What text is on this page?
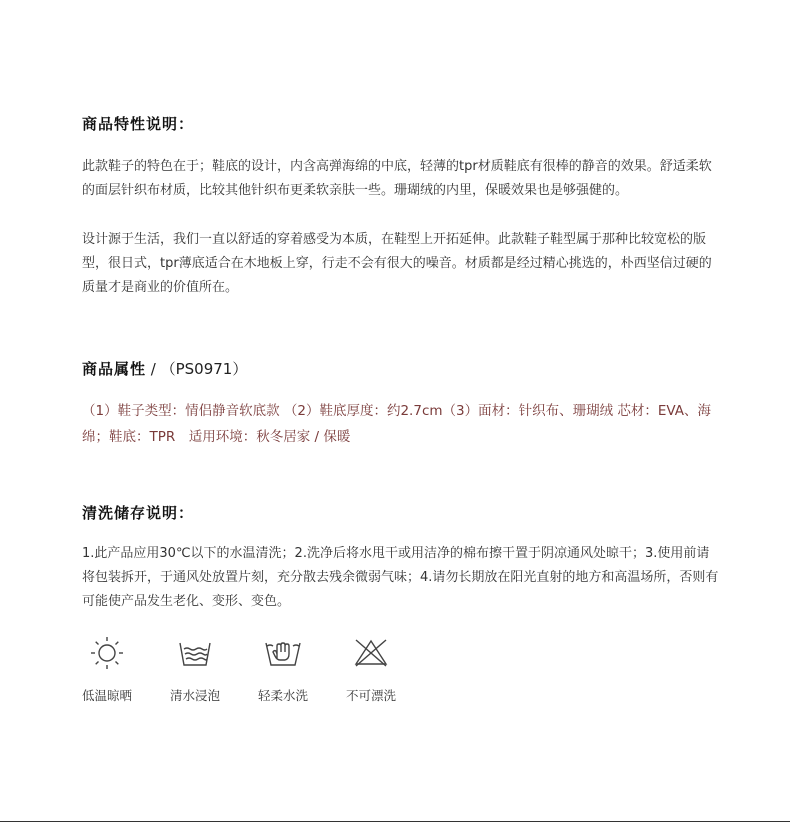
商品特性说明：
此款鞋子的特色在于；鞋底的设计，内含高弹海绵的中底，轻薄的tpr材质鞋底有很棒的静音的效果。舒适柔软的面层针织布材质，比较其他针织布更柔软亲肤一些。珊瑚绒的内里，保暖效果也是够强健的。
设计源于生活，我们一直以舒适的穿着感受为本质，在鞋型上开拓延伸。此款鞋子鞋型属于那种比较宽松的版型，很日式，tpr薄底适合在木地板上穿，行走不会有很大的噪音。材质都是经过精心挑选的，朴西坚信过硬的质量才是商业的价值所在。
商品属性 / （PS0971）
（1）鞋子类型：情侣静音软底款 （2）鞋底厚度：约2.7cm（3）面材：针织布、珊瑚绒 芯材：EVA、海绵；鞋底：TPR　适用环境：秋冬居家 / 保暖
清洗储存说明：
1.此产品应用30℃以下的水温清洗；2.洗净后将水甩干或用洁净的棉布擦干置于阴凉通风处晾干；3.使用前请将包装拆开，于通风处放置片刻，充分散去残余微弱气味；4.请勿长期放在阳光直射的地方和高温场所，否则有可能使产品发生老化、变形、变色。
低温晾晒	清水浸泡	轻柔水洗	不可漂洗
